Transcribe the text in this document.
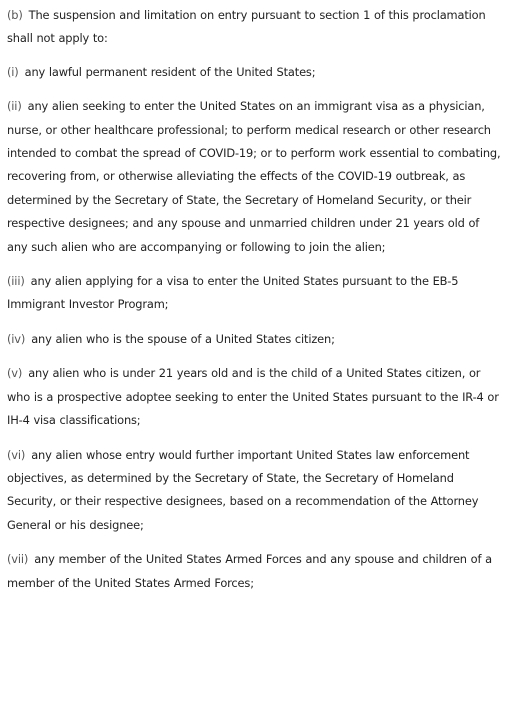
(b) The suspension and limitation on entry pursuant to section 1 of this proclamation shall not apply to:

(i) any lawful permanent resident of the United States;

(ii) any alien seeking to enter the United States on an immigrant visa as a physician, nurse, or other healthcare professional; to perform medical research or other research intended to combat the spread of COVID-19; or to perform work essential to combating, recovering from, or otherwise alleviating the effects of the COVID-19 outbreak, as determined by the Secretary of State, the Secretary of Homeland Security, or their respective designees; and any spouse and unmarried children under 21 years old of any such alien who are accompanying or following to join the alien;

(iii) any alien applying for a visa to enter the United States pursuant to the EB-5 Immigrant Investor Program;

(iv) any alien who is the spouse of a United States citizen;

(v) any alien who is under 21 years old and is the child of a United States citizen, or who is a prospective adoptee seeking to enter the United States pursuant to the IR-4 or IH-4 visa classifications;

(vi) any alien whose entry would further important United States law enforcement objectives, as determined by the Secretary of State, the Secretary of Homeland Security, or their respective designees, based on a recommendation of the Attorney General or his designee;

(vii) any member of the United States Armed Forces and any spouse and children of a member of the United States Armed Forces;
